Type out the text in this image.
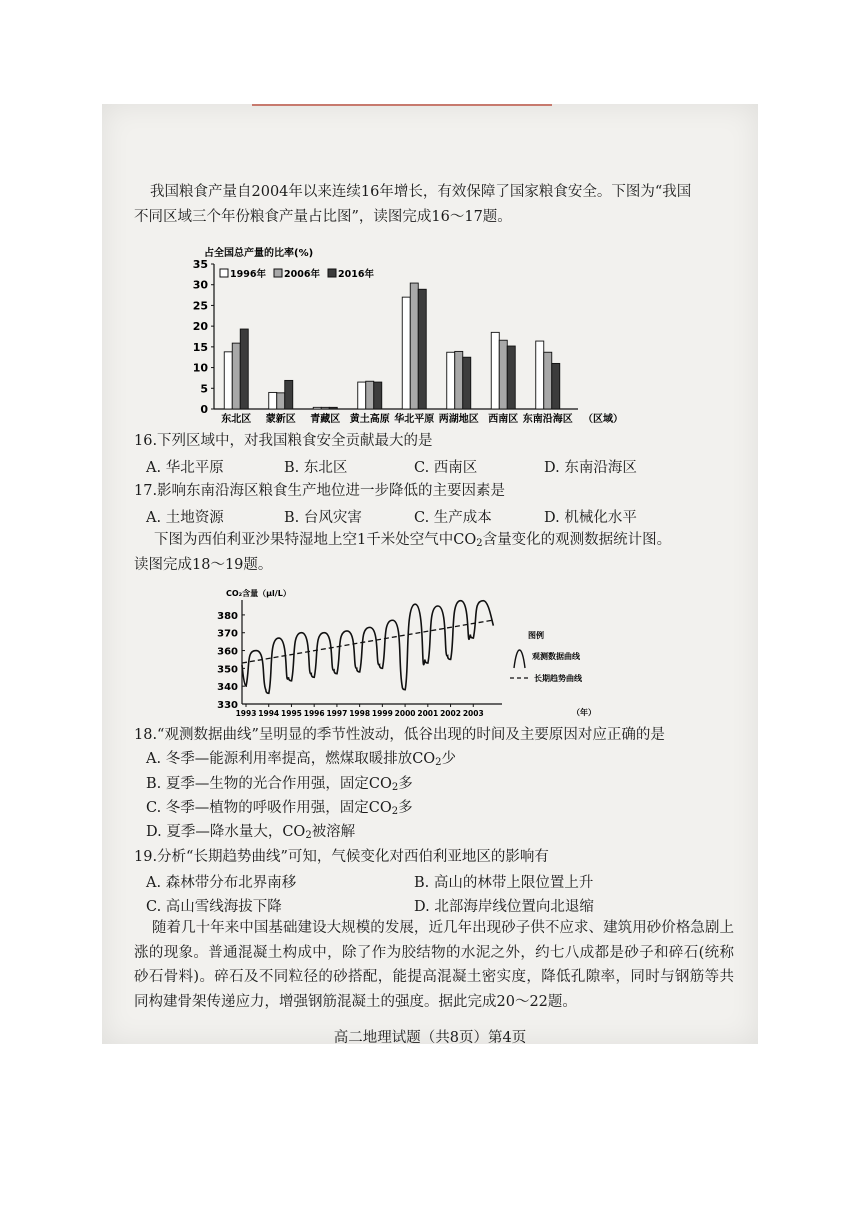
我国粮食产量自2004年以来连续16年增长，有效保障了国家粮食安全。下图为“我国
不同区域三个年份粮食产量占比图”，读图完成16～17题。
占全国总产量的比率(%)
0
5
10
15
20
25
30
35
1996年 2006年 2016年
东北区 蒙新区 青藏区 黄土高原 华北平原 两湖地区 西南区 东南沿海区 （区域）
16.下列区域中，对我国粮食安全贡献最大的是
A. 华北平原	B. 东北区	C. 西南区	D. 东南沿海区
17.影响东南沿海区粮食生产地位进一步降低的主要因素是
A. 土地资源	B. 台风灾害	C. 生产成本	D. 机械化水平
下图为西伯利亚沙果特湿地上空1千米处空气中$CO_2$含量变化的观测数据统计图。
读图完成18～19题。
CO₂含量（μl/L）
330
340
350
360
370
380
1993 1994 1995 1996 1997 1998 1999 2000 2001 2002 2003	（年）
图例
观测数据曲线
长期趋势曲线
18.“观测数据曲线”呈明显的季节性波动，低谷出现的时间及主要原因对应正确的是
A. 冬季—能源利用率提高，燃煤取暖排放$CO_2$少
B. 夏季—生物的光合作用强，固定$CO_2$多
C. 冬季—植物的呼吸作用强，固定$CO_2$多
D. 夏季—降水量大，$CO_2$被溶解
19.分析“长期趋势曲线”可知，气候变化对西伯利亚地区的影响有
A. 森林带分布北界南移	B. 高山的林带上限位置上升
C. 高山雪线海拔下降	D. 北部海岸线位置向北退缩
随着几十年来中国基础建设大规模的发展，近几年出现砂子供不应求、建筑用砂价格急剧上涨的现象。普通混凝土构成中，除了作为胶结物的水泥之外，约七八成都是砂子和碎石(统称砂石骨料)。碎石及不同粒径的砂搭配，能提高混凝土密实度，降低孔隙率，同时与钢筋等共同构建骨架传递应力，增强钢筋混凝土的强度。据此完成20～22题。
高二地理试题（共8页）第4页
